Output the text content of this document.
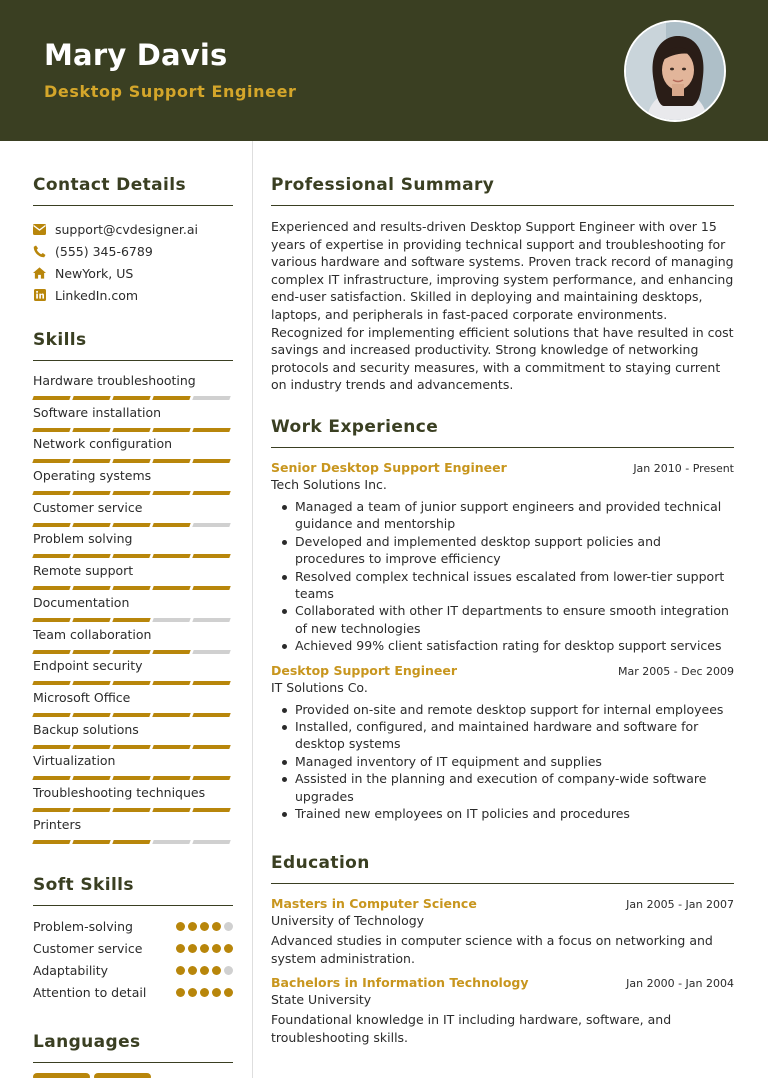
Mary Davis
Desktop Support Engineer
Contact Details
support@cvdesigner.ai
(555) 345-6789
NewYork, US
LinkedIn.com
Skills
Hardware troubleshooting
Software installation
Network configuration
Operating systems
Customer service
Problem solving
Remote support
Documentation
Team collaboration
Endpoint security
Microsoft Office
Backup solutions
Virtualization
Troubleshooting techniques
Printers
Soft Skills
Problem-solving
Customer service
Adaptability
Attention to detail
Languages
Professional Summary

Experienced and results-driven Desktop Support Engineer with over 15 years of expertise in providing technical support and troubleshooting for various hardware and software systems. Proven track record of managing complex IT infrastructure, improving system performance, and enhancing end-user satisfaction. Skilled in deploying and maintaining desktops, laptops, and peripherals in fast-paced corporate environments. Recognized for implementing efficient solutions that have resulted in cost savings and increased productivity. Strong knowledge of networking protocols and security measures, with a commitment to staying current on industry trends and advancements.

Work Experience
Senior Desktop Support Engineer	Jan 2010 - Present
Tech Solutions Inc.
Managed a team of junior support engineers and provided technical guidance and mentorship
Developed and implemented desktop support policies and procedures to improve efficiency
Resolved complex technical issues escalated from lower-tier support teams
Collaborated with other IT departments to ensure smooth integration of new technologies
Achieved 99% client satisfaction rating for desktop support services
Desktop Support Engineer	Mar 2005 - Dec 2009
IT Solutions Co.
Provided on-site and remote desktop support for internal employees
Installed, configured, and maintained hardware and software for desktop systems
Managed inventory of IT equipment and supplies
Assisted in the planning and execution of company-wide software upgrades
Trained new employees on IT policies and procedures
Education
Masters in Computer Science	Jan 2005 - Jan 2007
University of Technology

Advanced studies in computer science with a focus on networking and system administration.

Bachelors in Information Technology	Jan 2000 - Jan 2004
State University

Foundational knowledge in IT including hardware, software, and troubleshooting skills.
